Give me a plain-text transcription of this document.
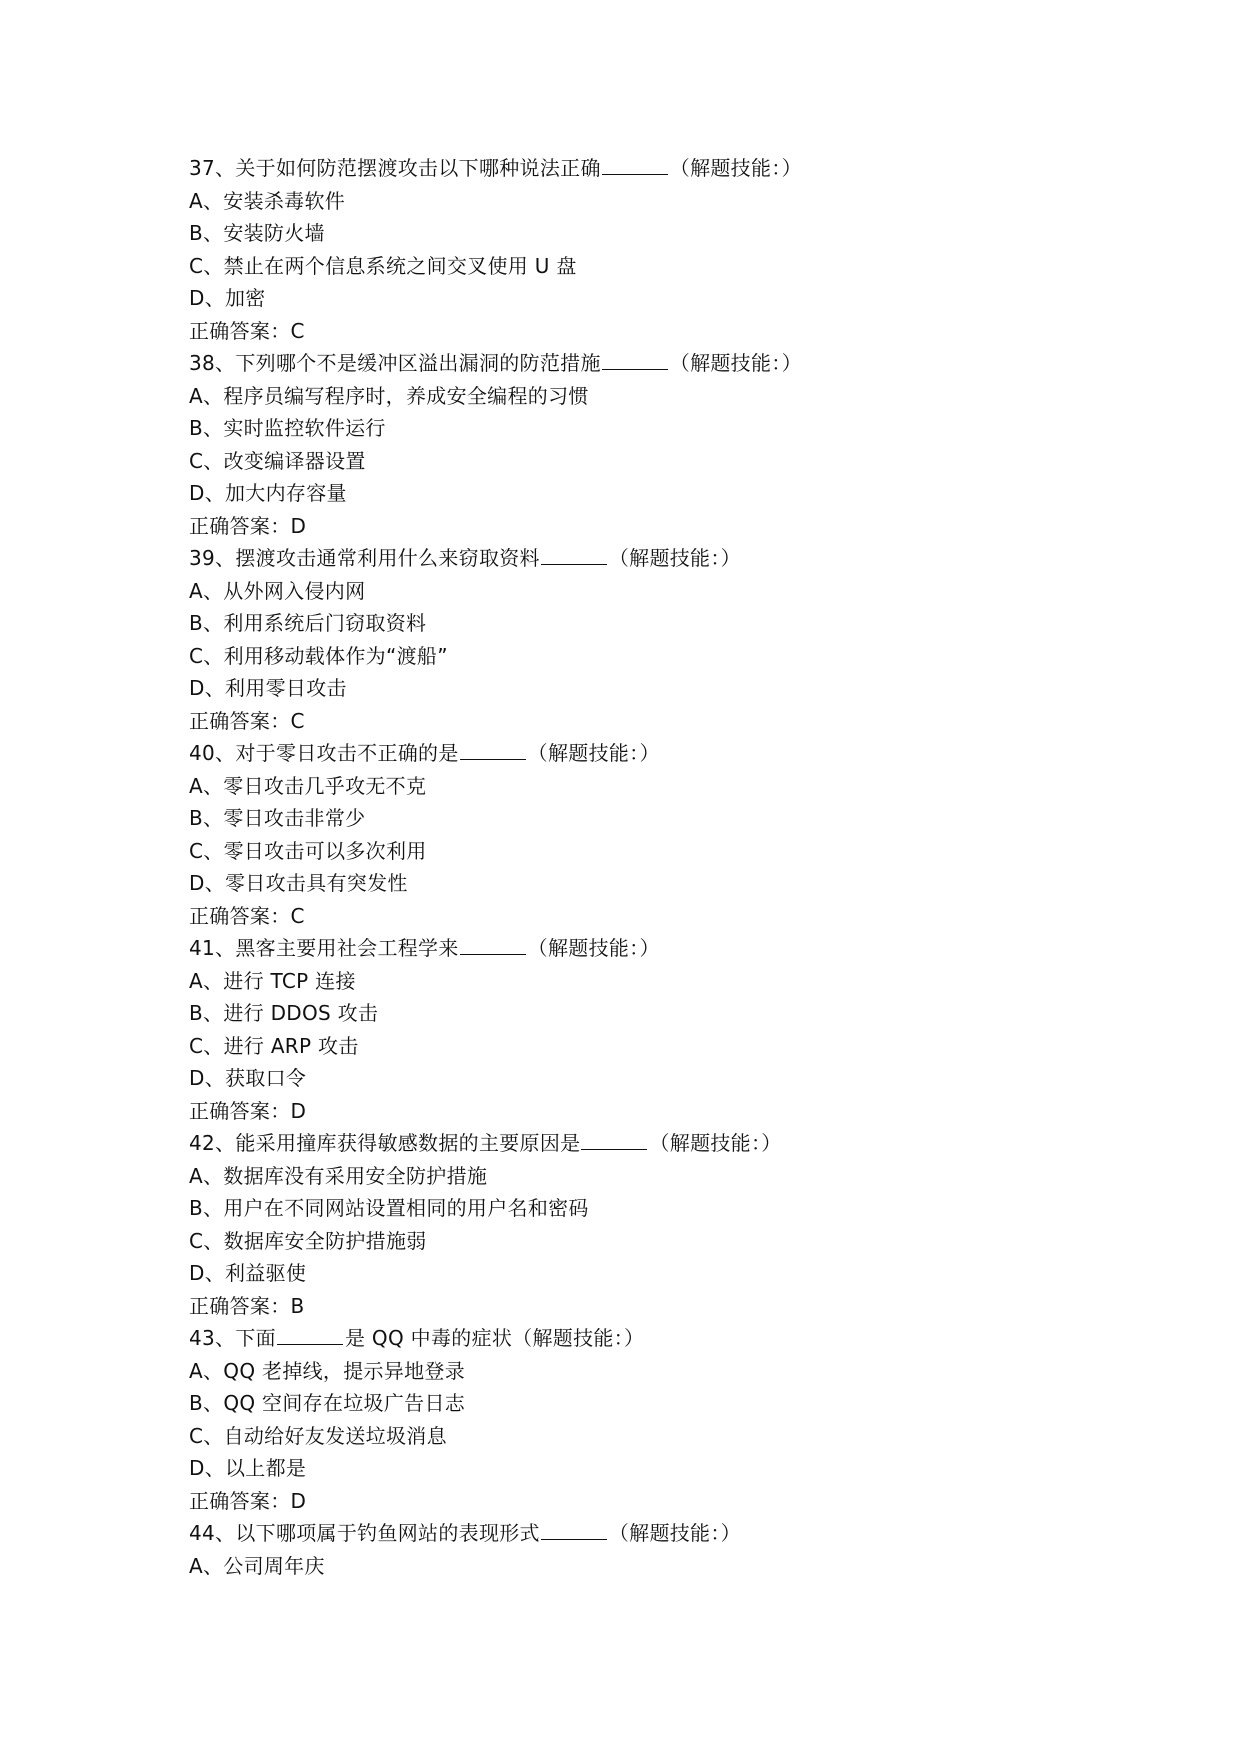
37、关于如何防范摆渡攻击以下哪种说法正确	（解题技能：）
A、安装杀毒软件
B、安装防火墙
C、禁止在两个信息系统之间交叉使用 U 盘
D、加密
正确答案：C
38、下列哪个不是缓冲区溢出漏洞的防范措施	（解题技能：）
A、程序员编写程序时，养成安全编程的习惯
B、实时监控软件运行
C、改变编译器设置
D、加大内存容量
正确答案：D
39、摆渡攻击通常利用什么来窃取资料	（解题技能：）
A、从外网入侵内网
B、利用系统后门窃取资料
C、利用移动载体作为“渡船”
D、利用零日攻击
正确答案：C
40、对于零日攻击不正确的是	（解题技能：）
A、零日攻击几乎攻无不克
B、零日攻击非常少
C、零日攻击可以多次利用
D、零日攻击具有突发性
正确答案：C
41、黑客主要用社会工程学来	（解题技能：）
A、进行 TCP 连接
B、进行 DDOS 攻击
C、进行 ARP 攻击
D、获取口令
正确答案：D
42、能采用撞库获得敏感数据的主要原因是	（解题技能：）
A、数据库没有采用安全防护措施
B、用户在不同网站设置相同的用户名和密码
C、数据库安全防护措施弱
D、利益驱使
正确答案：B
43、下面	是 QQ 中毒的症状（解题技能：）
A、QQ 老掉线，提示异地登录
B、QQ 空间存在垃圾广告日志
C、自动给好友发送垃圾消息
D、以上都是
正确答案：D
44、以下哪项属于钓鱼网站的表现形式	（解题技能：）
A、公司周年庆
